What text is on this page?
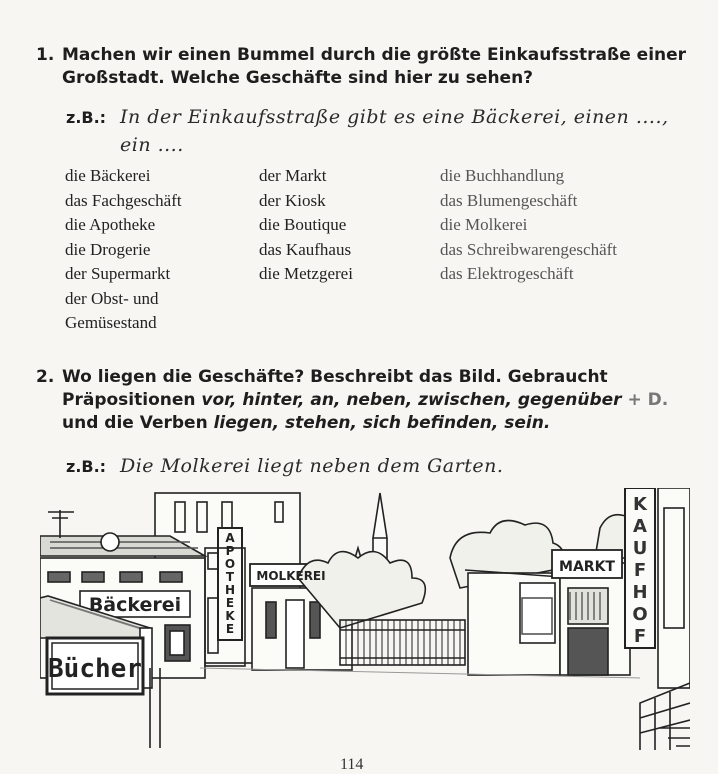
1. Machen wir einen Bummel durch die größte Einkaufsstraße einer
Großstadt. Welche Geschäfte sind hier zu sehen?
z.B.: In der Einkaufsstraße gibt es eine Bäckerei, einen ....,
ein ....
die Bäckerei
das Fachgeschäft
die Apotheke
die Drogerie
der Supermarkt
der Obst- und
Gemüsestand
der Markt
der Kiosk
die Boutique
das Kaufhaus
die Metzgerei
die Buchhandlung
das Blumengeschäft
die Molkerei
das Schreibwarengeschäft
das Elektrogeschäft
2. Wo liegen die Geschäfte? Beschreibt das Bild. Gebraucht
Präpositionen vor, hinter, an, neben, zwischen, gegenüber + D.
und die Verben liegen, stehen, sich befinden, sein.
z.B.: Die Molkerei liegt neben dem Garten.
Bäckerei
Bücher
MOLKEREI
MARKT
A
P
O
T
H
E
K
E
K
A
U
F
H
O
F
114
